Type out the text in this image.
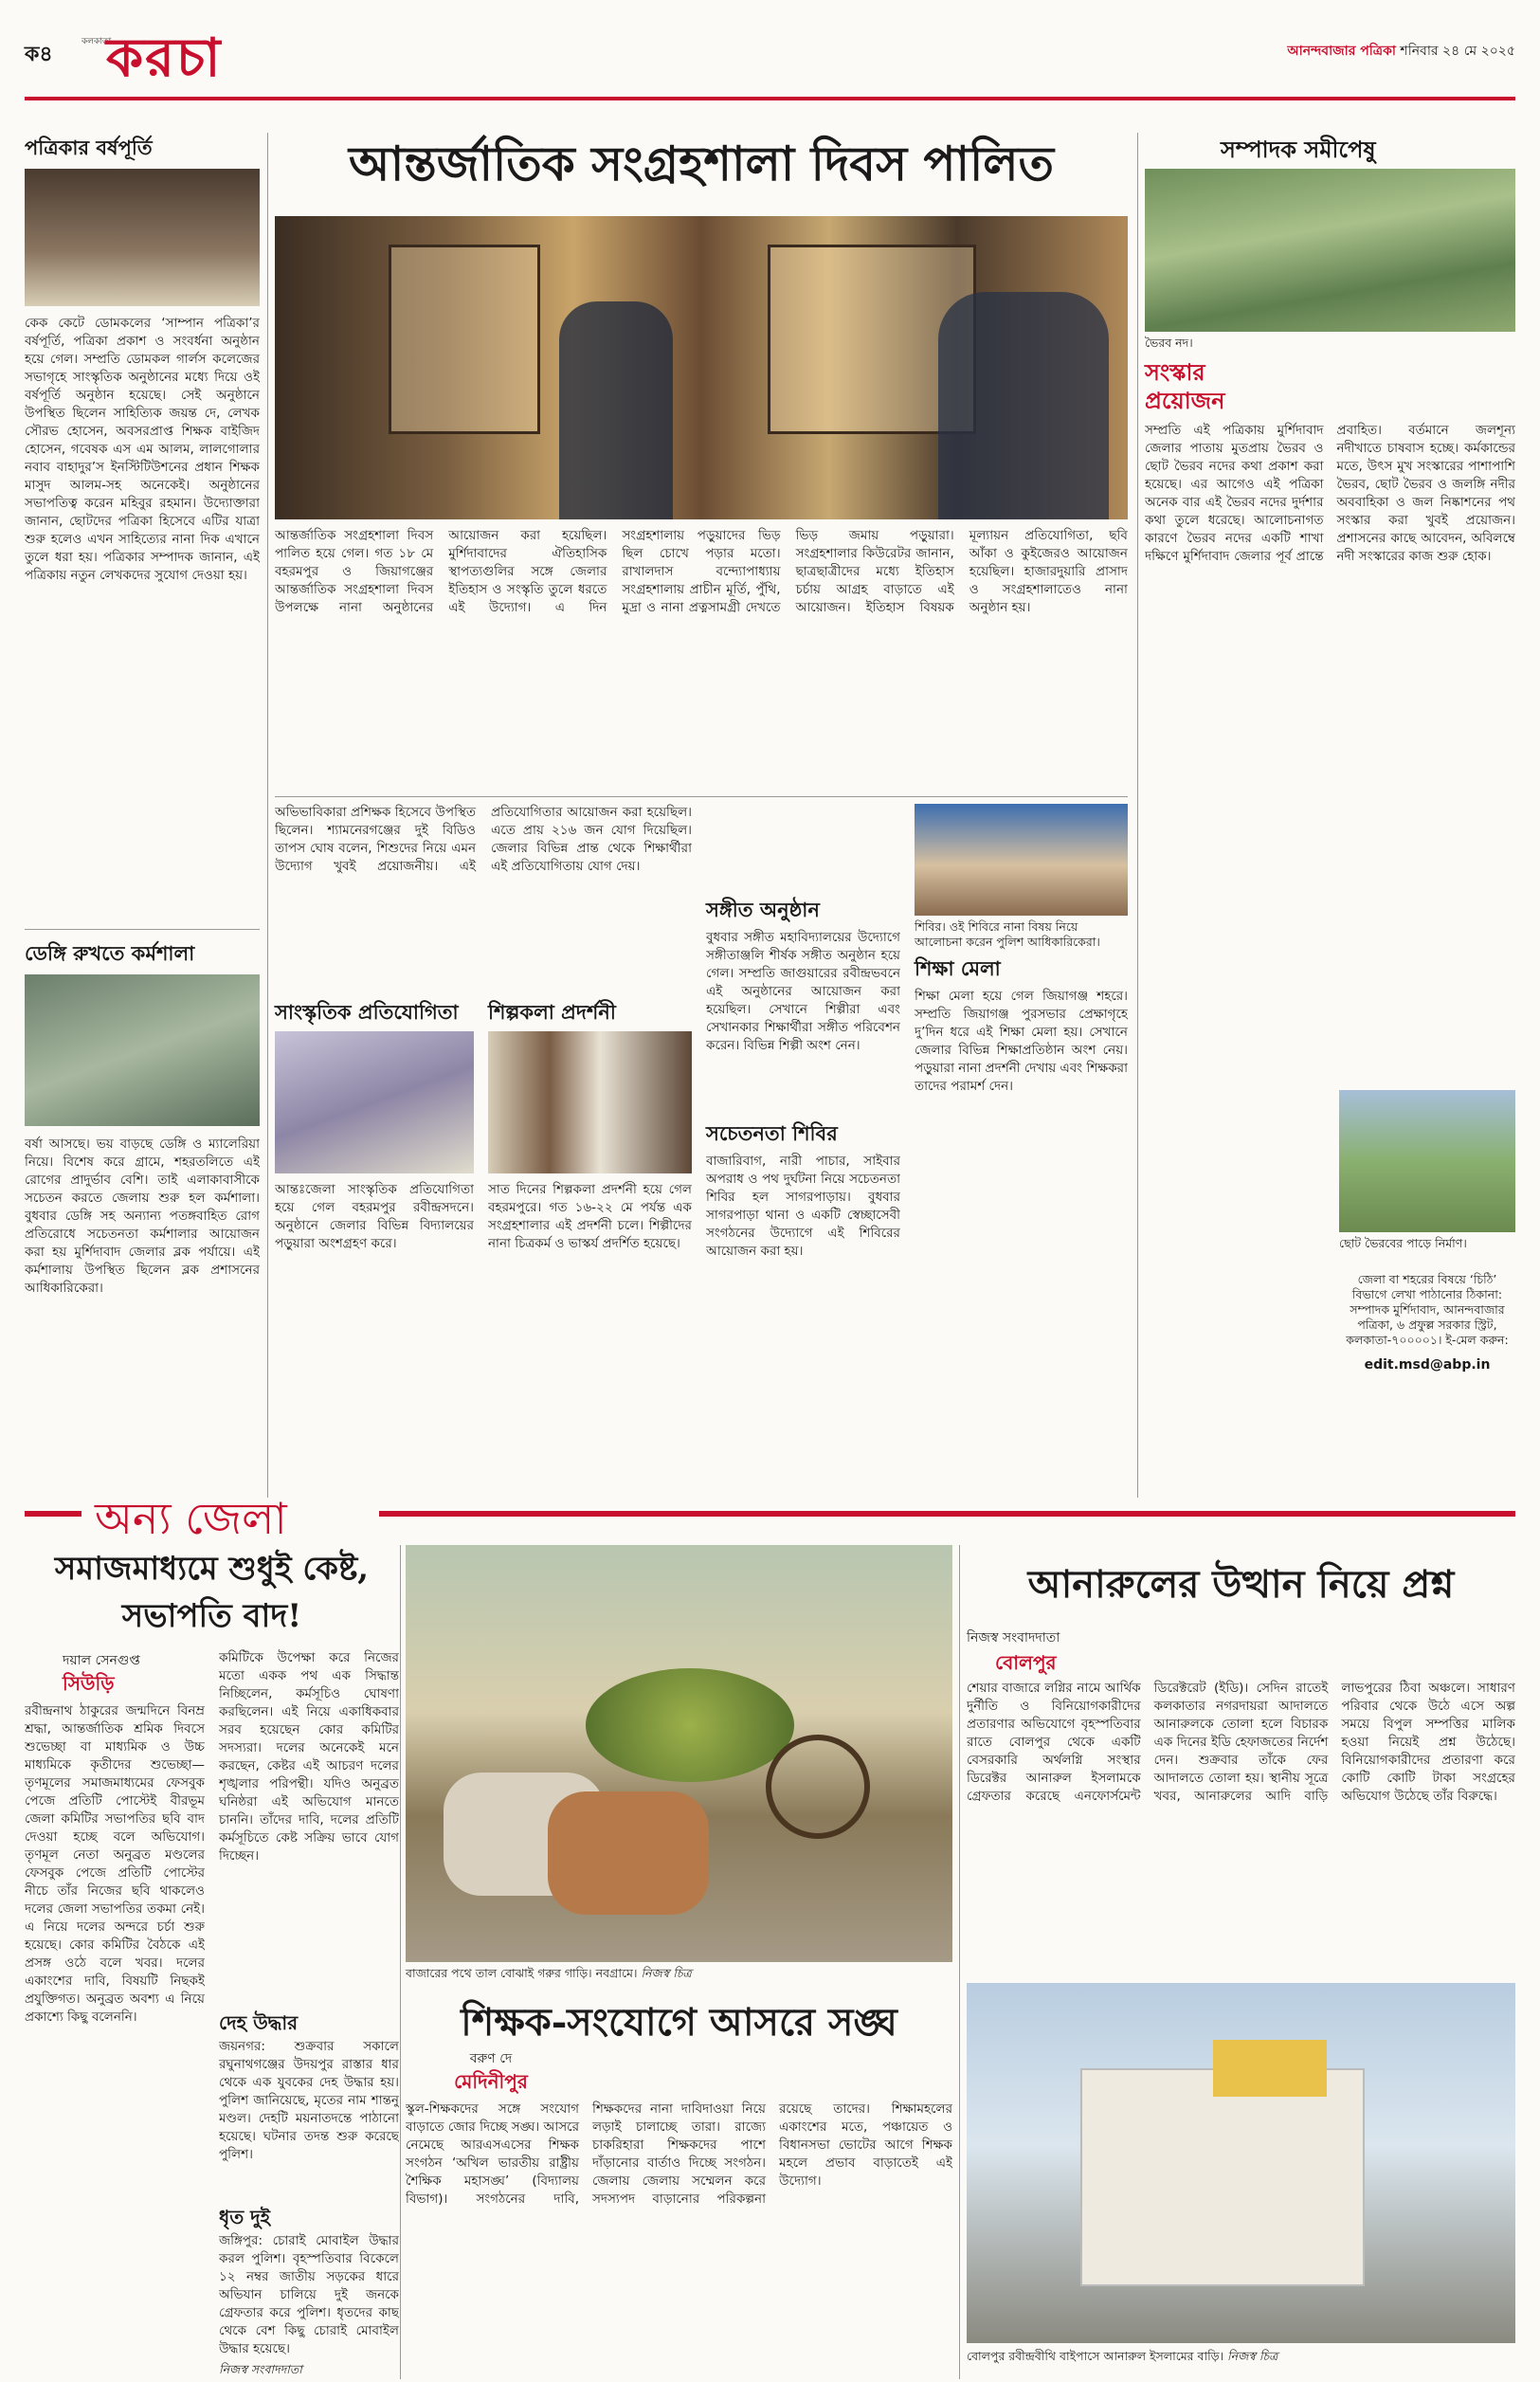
ক৪
কলকাতা
করচা	আনন্দবাজার পত্রিকা শনিবার ২৪ মে ২০২৫
পত্রিকার বর্ষপূর্তি
কেক কেটে ডোমকলের ‘সাম্পান পত্রিকা’র বর্ষপূর্তি, পত্রিকা প্রকাশ ও সংবর্ধনা অনুষ্ঠান হয়ে গেল। সম্প্রতি ডোমকল গার্লস কলেজের সভাগৃহে সাংস্কৃতিক অনুষ্ঠানের মধ্যে দিয়ে ওই বর্ষপূর্তি অনুষ্ঠান হয়েছে। সেই অনুষ্ঠানে উপস্থিত ছিলেন সাহিত্যিক জয়ন্ত দে, লেখক সৌরভ হোসেন, অবসরপ্রাপ্ত শিক্ষক বাইজিদ হোসেন, গবেষক এস এম আলম, লালগোলার নবাব বাহাদুর’স ইনস্টিটিউশনের প্রধান শিক্ষক মাসুদ আলম-সহ অনেকেই। অনুষ্ঠানের সভাপতিত্ব করেন মহিবুর রহমান। উদ্যোক্তারা জানান, ছোটদের পত্রিকা হিসেবে এটির যাত্রা শুরু হলেও এখন সাহিত্যের নানা দিক এখানে তুলে ধরা হয়। পত্রিকার সম্পাদক জানান, এই পত্রিকায় নতুন লেখকদের সুযোগ দেওয়া হয়।
ডেঙ্গি রুখতে কর্মশালা
বর্ষা আসছে। ভয় বাড়ছে ডেঙ্গি ও ম্যালেরিয়া নিয়ে। বিশেষ করে গ্রামে, শহরতলিতে এই রোগের প্রাদুর্ভাব বেশি। তাই এলাকাবাসীকে সচেতন করতে জেলায় শুরু হল কর্মশালা। বুধবার ডেঙ্গি সহ অন্যান্য পতঙ্গবাহিত রোগ প্রতিরোধে সচেতনতা কর্মশালার আয়োজন করা হয় মুর্শিদাবাদ জেলার ব্লক পর্যায়ে। এই কর্মশালায় উপস্থিত ছিলেন ব্লক প্রশাসনের আধিকারিকেরা।
আন্তর্জাতিক সংগ্রহশালা দিবস পালিত
আন্তর্জাতিক সংগ্রহশালা দিবস পালিত হয়ে গেল। গত ১৮ মে বহরমপুর ও জিয়াগঞ্জের আন্তর্জাতিক সংগ্রহশালা দিবস উপলক্ষে নানা অনুষ্ঠানের আয়োজন করা হয়েছিল। মুর্শিদাবাদের ঐতিহাসিক স্থাপত্যগুলির সঙ্গে জেলার ইতিহাস ও সংস্কৃতি তুলে ধরতে এই উদ্যোগ। এ দিন সংগ্রহশালায় পড়ুয়াদের ভিড় ছিল চোখে পড়ার মতো। রাখালদাস বন্দ্যোপাধ্যায় সংগ্রহশালায় প্রাচীন মূর্তি, পুঁথি, মুদ্রা ও নানা প্রত্নসামগ্রী দেখতে ভিড় জমায় পড়ুয়ারা। সংগ্রহশালার কিউরেটর জানান, ছাত্রছাত্রীদের মধ্যে ইতিহাস চর্চায় আগ্রহ বাড়াতে এই আয়োজন। ইতিহাস বিষয়ক মূল্যায়ন প্রতিযোগিতা, ছবি আঁকা ও কুইজেরও আয়োজন হয়েছিল। হাজারদুয়ারি প্রাসাদ ও সংগ্রহশালাতেও নানা অনুষ্ঠান হয়।
অভিভাবিকারা প্রশিক্ষক হিসেবে উপস্থিত ছিলেন। শ্যামনেরগঞ্জের দুই বিডিও তাপস ঘোষ বলেন, শিশুদের নিয়ে এমন উদ্যোগ খুবই প্রয়োজনীয়। এই প্রতিযোগিতার আয়োজন করা হয়েছিল। এতে প্রায় ২১৬ জন যোগ দিয়েছিল। জেলার বিভিন্ন প্রান্ত থেকে শিক্ষার্থীরা এই প্রতিযোগিতায় যোগ দেয়।
সঙ্গীত অনুষ্ঠান
বুধবার সঙ্গীত মহাবিদ্যালয়ের উদ্যোগে সঙ্গীতাঞ্জলি শীর্ষক সঙ্গীত অনুষ্ঠান হয়ে গেল। সম্প্রতি জাগুয়ারের রবীন্দ্রভবনে এই অনুষ্ঠানের আয়োজন করা হয়েছিল। সেখানে শিল্পীরা এবং সেখানকার শিক্ষার্থীরা সঙ্গীত পরিবেশন করেন। বিভিন্ন শিল্পী অংশ নেন।
শিবির। ওই শিবিরে নানা বিষয় নিয়ে আলোচনা করেন পুলিশ আধিকারিকেরা।
সাংস্কৃতিক প্রতিযোগিতা
আন্তঃজেলা সাংস্কৃতিক প্রতিযোগিতা হয়ে গেল বহরমপুর রবীন্দ্রসদনে। অনুষ্ঠানে জেলার বিভিন্ন বিদ্যালয়ের পড়ুয়ারা অংশগ্রহণ করে।
শিল্পকলা প্রদর্শনী
সাত দিনের শিল্পকলা প্রদর্শনী হয়ে গেল বহরমপুরে। গত ১৬-২২ মে পর্যন্ত এক সংগ্রহশালার এই প্রদর্শনী চলে। শিল্পীদের নানা চিত্রকর্ম ও ভাস্কর্য প্রদর্শিত হয়েছে।
সচেতনতা শিবির
বাজারিবাগ, নারী পাচার, সাইবার অপরাধ ও পথ দুর্ঘটনা নিয়ে সচেতনতা শিবির হল সাগরপাড়ায়। বুধবার সাগরপাড়া থানা ও একটি স্বেচ্ছাসেবী সংগঠনের উদ্যোগে এই শিবিরের আয়োজন করা হয়।
শিক্ষা মেলা
শিক্ষা মেলা হয়ে গেল জিয়াগঞ্জ শহরে। সম্প্রতি জিয়াগঞ্জ পুরসভার প্রেক্ষাগৃহে দু’দিন ধরে এই শিক্ষা মেলা হয়। সেখানে জেলার বিভিন্ন শিক্ষাপ্রতিষ্ঠান অংশ নেয়। পড়ুয়ারা নানা প্রদর্শনী দেখায় এবং শিক্ষকরা তাদের পরামর্শ দেন।
সম্পাদক সমীপেষু
ভৈরব নদ।
সংস্কার প্রয়োজন
সম্প্রতি এই পত্রিকায় মুর্শিদাবাদ জেলার পাতায় মুতপ্রায় ভৈরব ও ছোট ভৈরব নদের কথা প্রকাশ করা হয়েছে। এর আগেও এই পত্রিকা অনেক বার এই ভৈরব নদের দুর্দশার কথা তুলে ধরেছে। আলোচনাগত কারণে ভৈরব নদের একটি শাখা দক্ষিণে মুর্শিদাবাদ জেলার পূর্ব প্রান্তে প্রবাহিত। বর্তমানে জলশূন্য নদীখাতে চাষবাস হচ্ছে। কর্মকান্ডের মতে, উৎস মুখ সংস্কারের পাশাপাশি ভৈরব, ছোট ভৈরব ও জলঙ্গি নদীর অববাহিকা ও জল নিষ্কাশনের পথ সংস্কার করা খুবই প্রয়োজন। প্রশাসনের কাছে আবেদন, অবিলম্বে নদী সংস্কারের কাজ শুরু হোক।
ছোট ভৈরবের পাড়ে নির্মাণ।
জেলা বা শহরের বিষয়ে ‘চিঠি’ বিভাগে লেখা পাঠানোর ঠিকানা: সম্পাদক মুর্শিদাবাদ, আনন্দবাজার পত্রিকা, ৬ প্রফুল্ল সরকার স্ট্রিট, কলকাতা-৭০০০০১। ই-মেল করুন:
edit.msd@abp.in
অন্য জেলা
সমাজমাধ্যমে শুধুই কেষ্ট, সভাপতি বাদ!
দয়াল সেনগুপ্ত
সিউড়ি
রবীন্দ্রনাথ ঠাকুরের জন্মদিনে বিনম্র শ্রদ্ধা, আন্তর্জাতিক শ্রমিক দিবসে শুভেচ্ছা বা মাধ্যমিক ও উচ্চ মাধ্যমিকে কৃতীদের শুভেচ্ছা— তৃণমূলের সমাজমাধ্যমের ফেসবুক পেজে প্রতিটি পোস্টেই বীরভূম জেলা কমিটির সভাপতির ছবি বাদ দেওয়া হচ্ছে বলে অভিযোগ। তৃণমূল নেতা অনুব্রত মণ্ডলের ফেসবুক পেজে প্রতিটি পোস্টের নীচে তাঁর নিজের ছবি থাকলেও দলের জেলা সভাপতির তকমা নেই। এ নিয়ে দলের অন্দরে চর্চা শুরু হয়েছে। কোর কমিটির বৈঠকে এই প্রসঙ্গ ওঠে বলে খবর। দলের একাংশের দাবি, বিষয়টি নিছকই প্রযুক্তিগত। অনুব্রত অবশ্য এ নিয়ে প্রকাশ্যে কিছু বলেননি।
কমিটিকে উপেক্ষা করে নিজের মতো একক পথ এক সিদ্ধান্ত নিচ্ছিলেন, কর্মসূচিও ঘোষণা করছিলেন। এই নিয়ে একাধিকবার সরব হয়েছেন কোর কমিটির সদস্যরা। দলের অনেকেই মনে করছেন, কেষ্টর এই আচরণ দলের শৃঙ্খলার পরিপন্থী। যদিও অনুব্রত ঘনিষ্ঠরা এই অভিযোগ মানতে চাননি। তাঁদের দাবি, দলের প্রতিটি কর্মসূচিতে কেষ্ট সক্রিয় ভাবে যোগ দিচ্ছেন।
দেহ উদ্ধার
জয়নগর: শুক্রবার সকালে রঘুনাথগঞ্জের উদয়পুর রাস্তার ধার থেকে এক যুবকের দেহ উদ্ধার হয়। পুলিশ জানিয়েছে, মৃতের নাম শান্তনু মণ্ডল। দেহটি ময়নাতদন্তে পাঠানো হয়েছে। ঘটনার তদন্ত শুরু করেছে পুলিশ।
ধৃত দুই
জঙ্গিপুর: চোরাই মোবাইল উদ্ধার করল পুলিশ। বৃহস্পতিবার বিকেলে ১২ নম্বর জাতীয় সড়কের ধারে অভিযান চালিয়ে দুই জনকে গ্রেফতার করে পুলিশ। ধৃতদের কাছ থেকে বেশ কিছু চোরাই মোবাইল উদ্ধার হয়েছে।
নিজস্ব সংবাদদাতা
বাজারের পথে তাল বোঝাই গরুর গাড়ি। নবগ্রামে। নিজস্ব চিত্র
শিক্ষক-সংযোগে আসরে সঙ্ঘ
বরুণ দে
মেদিনীপুর
স্কুল-শিক্ষকদের সঙ্গে সংযোগ বাড়াতে জোর দিচ্ছে সঙ্ঘ। আসরে নেমেছে আরএসএসের শিক্ষক সংগঠন ‘অখিল ভারতীয় রাষ্ট্রীয় শৈক্ষিক মহাসঙ্ঘ’ (বিদ্যালয় বিভাগ)। সংগঠনের দাবি, শিক্ষকদের নানা দাবিদাওয়া নিয়ে লড়াই চালাচ্ছে তারা। রাজ্যে চাকরিহারা শিক্ষকদের পাশে দাঁড়ানোর বার্তাও দিচ্ছে সংগঠন। জেলায় জেলায় সম্মেলন করে সদস্যপদ বাড়ানোর পরিকল্পনা রয়েছে তাদের। শিক্ষামহলের একাংশের মতে, পঞ্চায়েত ও বিধানসভা ভোটের আগে শিক্ষক মহলে প্রভাব বাড়াতেই এই উদ্যোগ।
আনারুলের উত্থান নিয়ে প্রশ্ন
নিজস্ব সংবাদদাতা
বোলপুর
শেয়ার বাজারে লগ্নির নামে আর্থিক দুর্নীতি ও বিনিয়োগকারীদের প্রতারণার অভিযোগে বৃহস্পতিবার রাতে বোলপুর থেকে একটি বেসরকারি অর্থলগ্নি সংস্থার ডিরেক্টর আনারুল ইসলামকে গ্রেফতার করেছে এনফোর্সমেন্ট ডিরেক্টরেট (ইডি)। সেদিন রাতেই কলকাতার নগরদায়রা আদালতে আনারুলকে তোলা হলে বিচারক এক দিনের ইডি হেফাজতের নির্দেশ দেন। শুক্রবার তাঁকে ফের আদালতে তোলা হয়। স্থানীয় সূত্রে খবর, আনারুলের আদি বাড়ি লাভপুরের ঠিবা অঞ্চলে। সাধারণ পরিবার থেকে উঠে এসে অল্প সময়ে বিপুল সম্পত্তির মালিক হওয়া নিয়েই প্রশ্ন উঠেছে। বিনিয়োগকারীদের প্রতারণা করে কোটি কোটি টাকা সংগ্রহের অভিযোগ উঠেছে তাঁর বিরুদ্ধে।
বোলপুর রবীন্দ্রবীথি বাইপাসে আনারুল ইসলামের বাড়ি। নিজস্ব চিত্র
